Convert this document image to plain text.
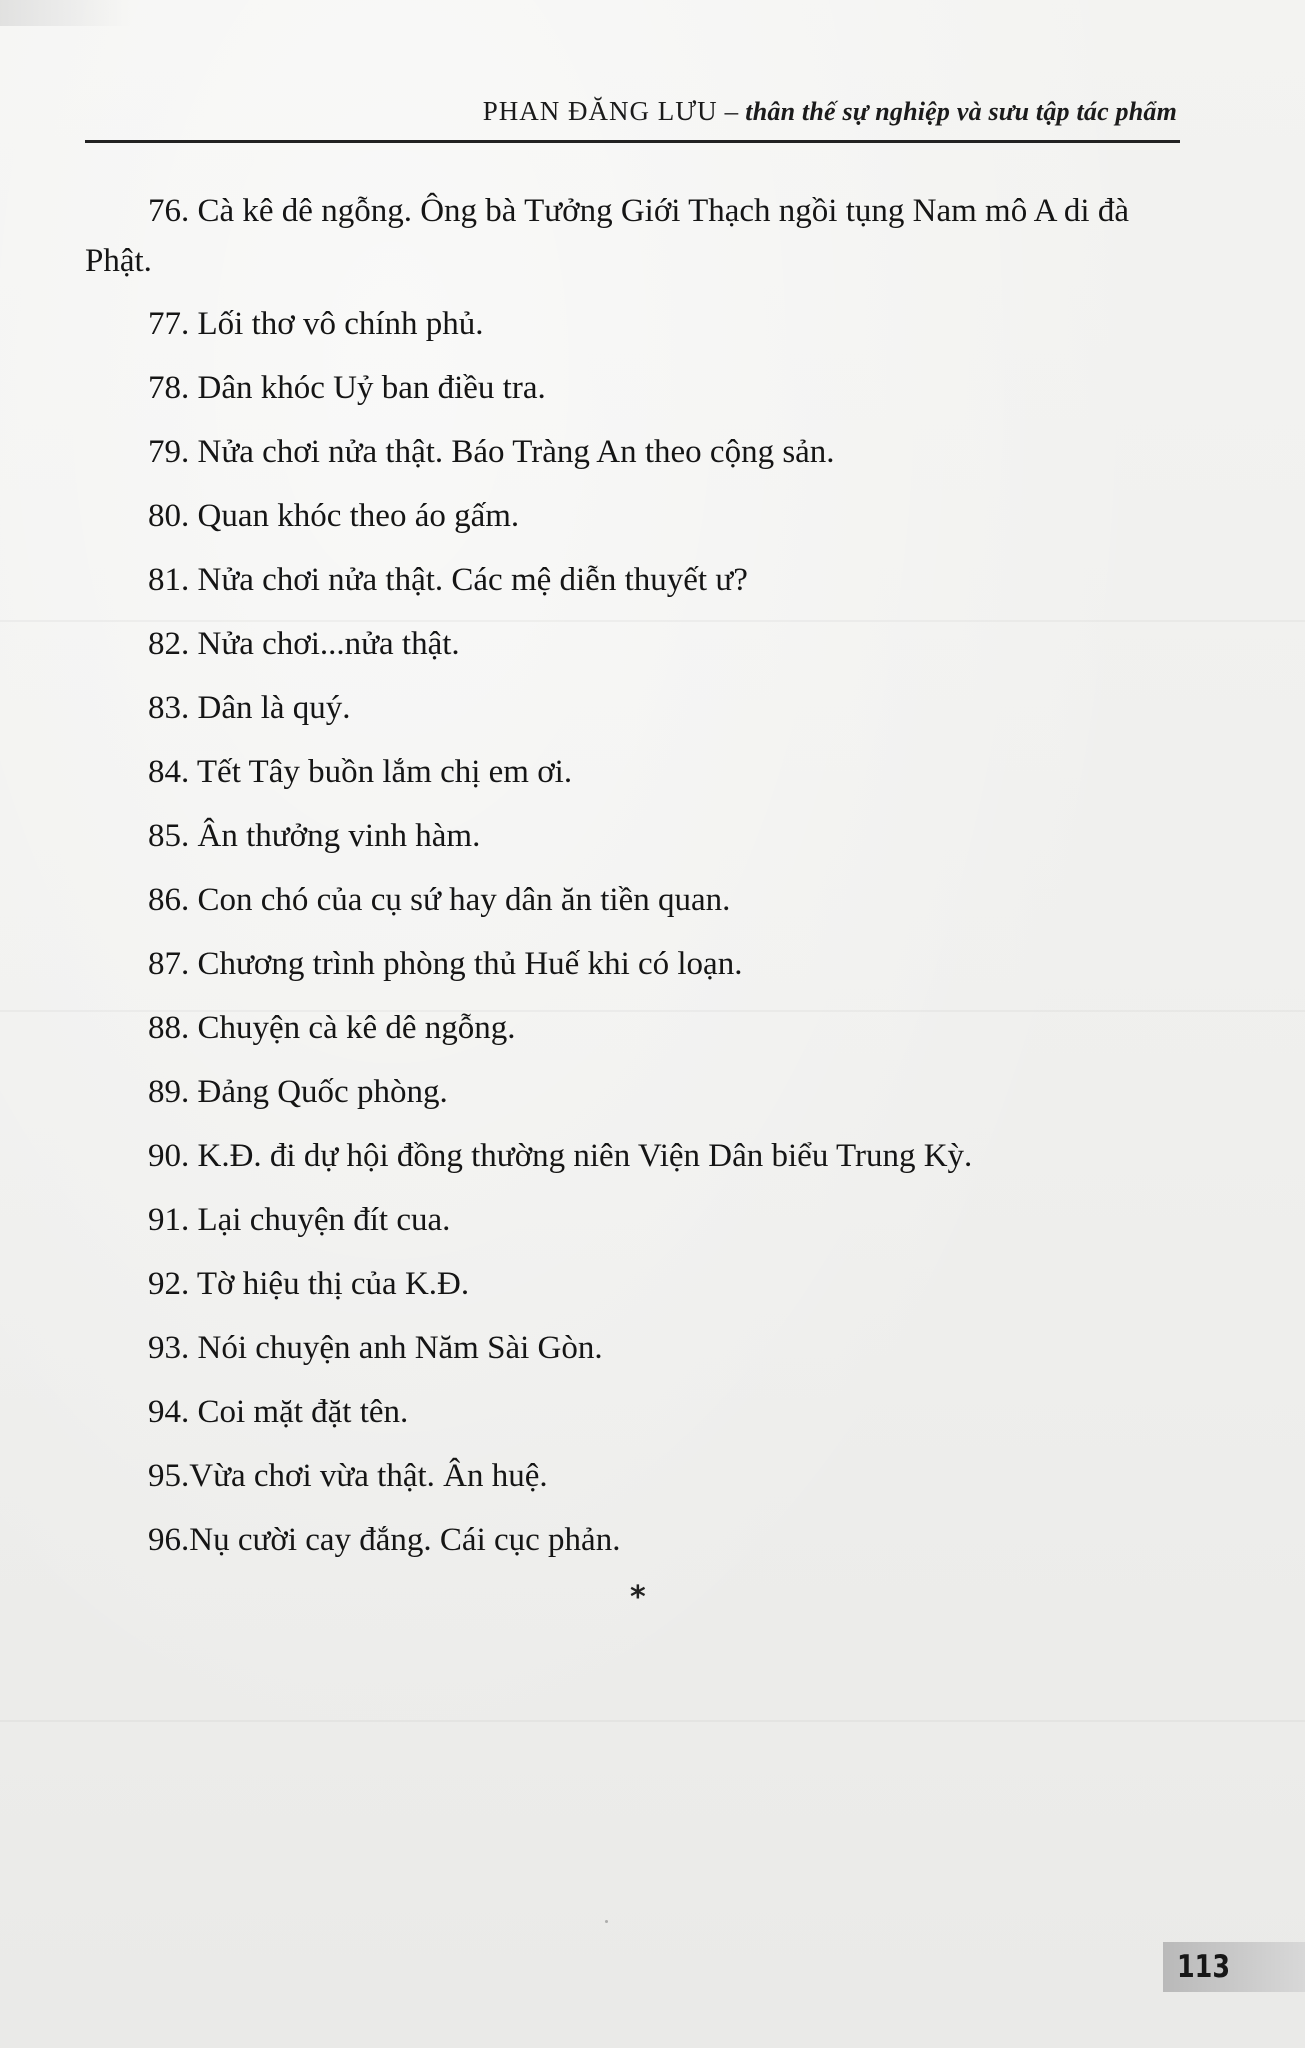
PHAN ĐĂNG LƯU – thân thế sự nghiệp và sưu tập tác phẩm
76. Cà kê dê ngỗng. Ông bà Tưởng Giới Thạch ngồi tụng Nam mô A di đà Phật.
77. Lối thơ vô chính phủ.
78. Dân khóc Uỷ ban điều tra.
79. Nửa chơi nửa thật. Báo Tràng An theo cộng sản.
80. Quan khóc theo áo gấm.
81. Nửa chơi nửa thật. Các mệ diễn thuyết ư?
82. Nửa chơi...nửa thật.
83. Dân là quý.
84. Tết Tây buồn lắm chị em ơi.
85. Ân thưởng vinh hàm.
86. Con chó của cụ sứ hay dân ăn tiền quan.
87. Chương trình phòng thủ Huế khi có loạn.
88. Chuyện cà kê dê ngỗng.
89. Đảng Quốc phòng.
90. K.Đ. đi dự hội đồng thường niên Viện Dân biểu Trung Kỳ.
91. Lại chuyện đít cua.
92. Tờ hiệu thị của K.Đ.
93. Nói chuyện anh Năm Sài Gòn.
94. Coi mặt đặt tên.
95.Vừa chơi vừa thật. Ân huệ.
96.Nụ cười cay đắng. Cái cục phản.
*
113
